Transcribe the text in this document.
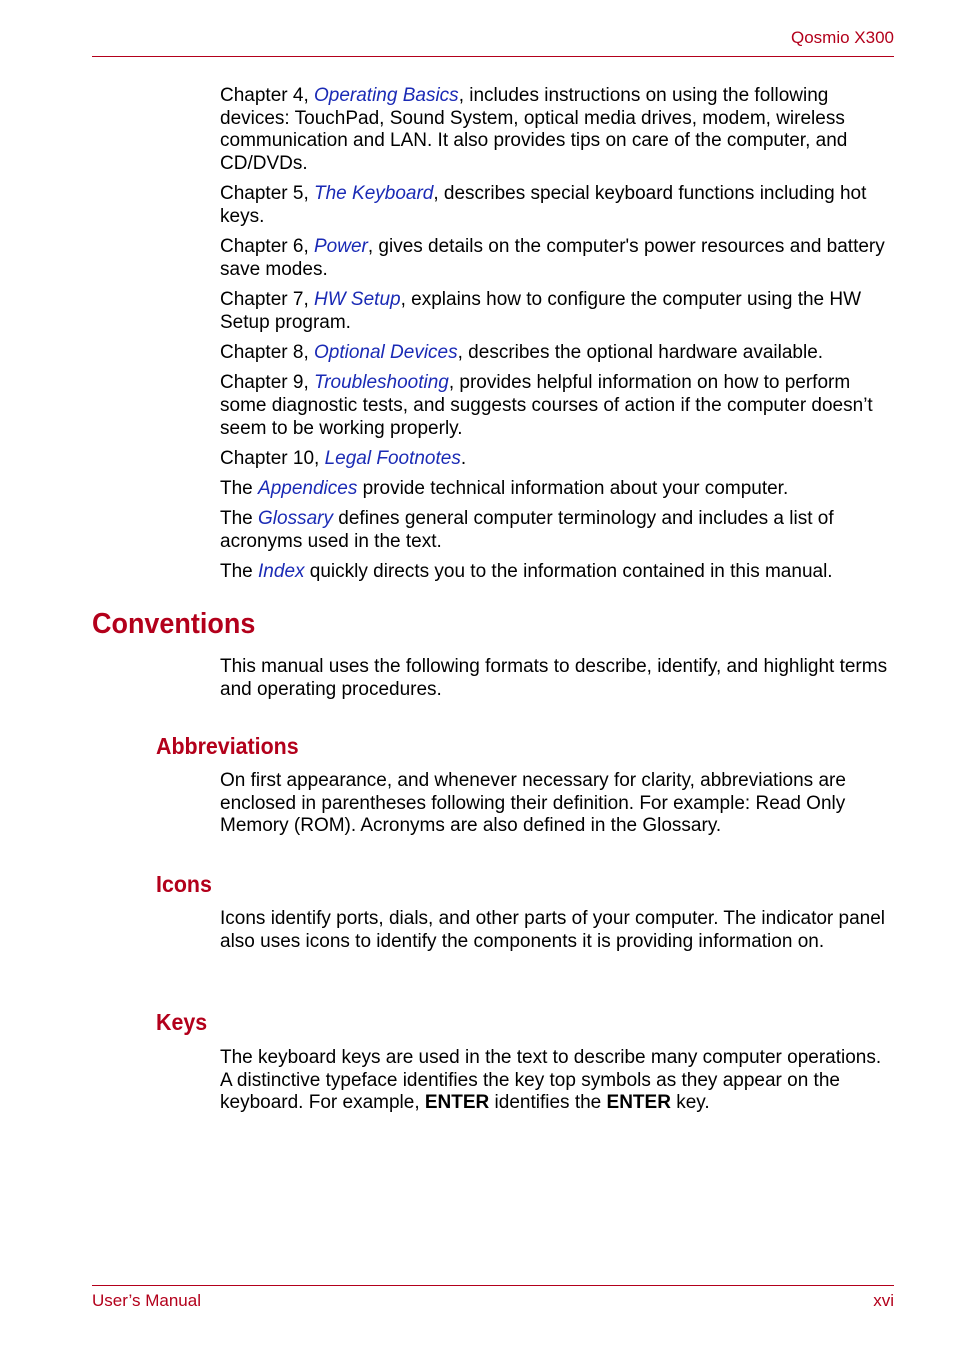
Qosmio X300

Chapter 4, Operating Basics, includes instructions on using the following devices: TouchPad, Sound System, optical media drives, modem, wireless communication and LAN. It also provides tips on care of the computer, and CD/DVDs.

Chapter 5, The Keyboard, describes special keyboard functions including hot keys.

Chapter 6, Power, gives details on the computer's power resources and battery save modes.

Chapter 7, HW Setup, explains how to configure the computer using the HW Setup program.

Chapter 8, Optional Devices, describes the optional hardware available.

Chapter 9, Troubleshooting, provides helpful information on how to perform some diagnostic tests, and suggests courses of action if the computer doesn’t seem to be working properly.

Chapter 10, Legal Footnotes.

The Appendices provide technical information about your computer.

The Glossary defines general computer terminology and includes a list of acronyms used in the text.

The Index quickly directs you to the information contained in this manual.

Conventions

This manual uses the following formats to describe, identify, and highlight terms and operating procedures.

Abbreviations

On first appearance, and whenever necessary for clarity, abbreviations are enclosed in parentheses following their definition. For example: Read Only Memory (ROM). Acronyms are also defined in the Glossary.

Icons

Icons identify ports, dials, and other parts of your computer. The indicator panel also uses icons to identify the components it is providing information on.

Keys

The keyboard keys are used in the text to describe many computer operations. A distinctive typeface identifies the key top symbols as they appear on the keyboard. For example, ENTER identifies the ENTER key.

User’s Manual	xvi
